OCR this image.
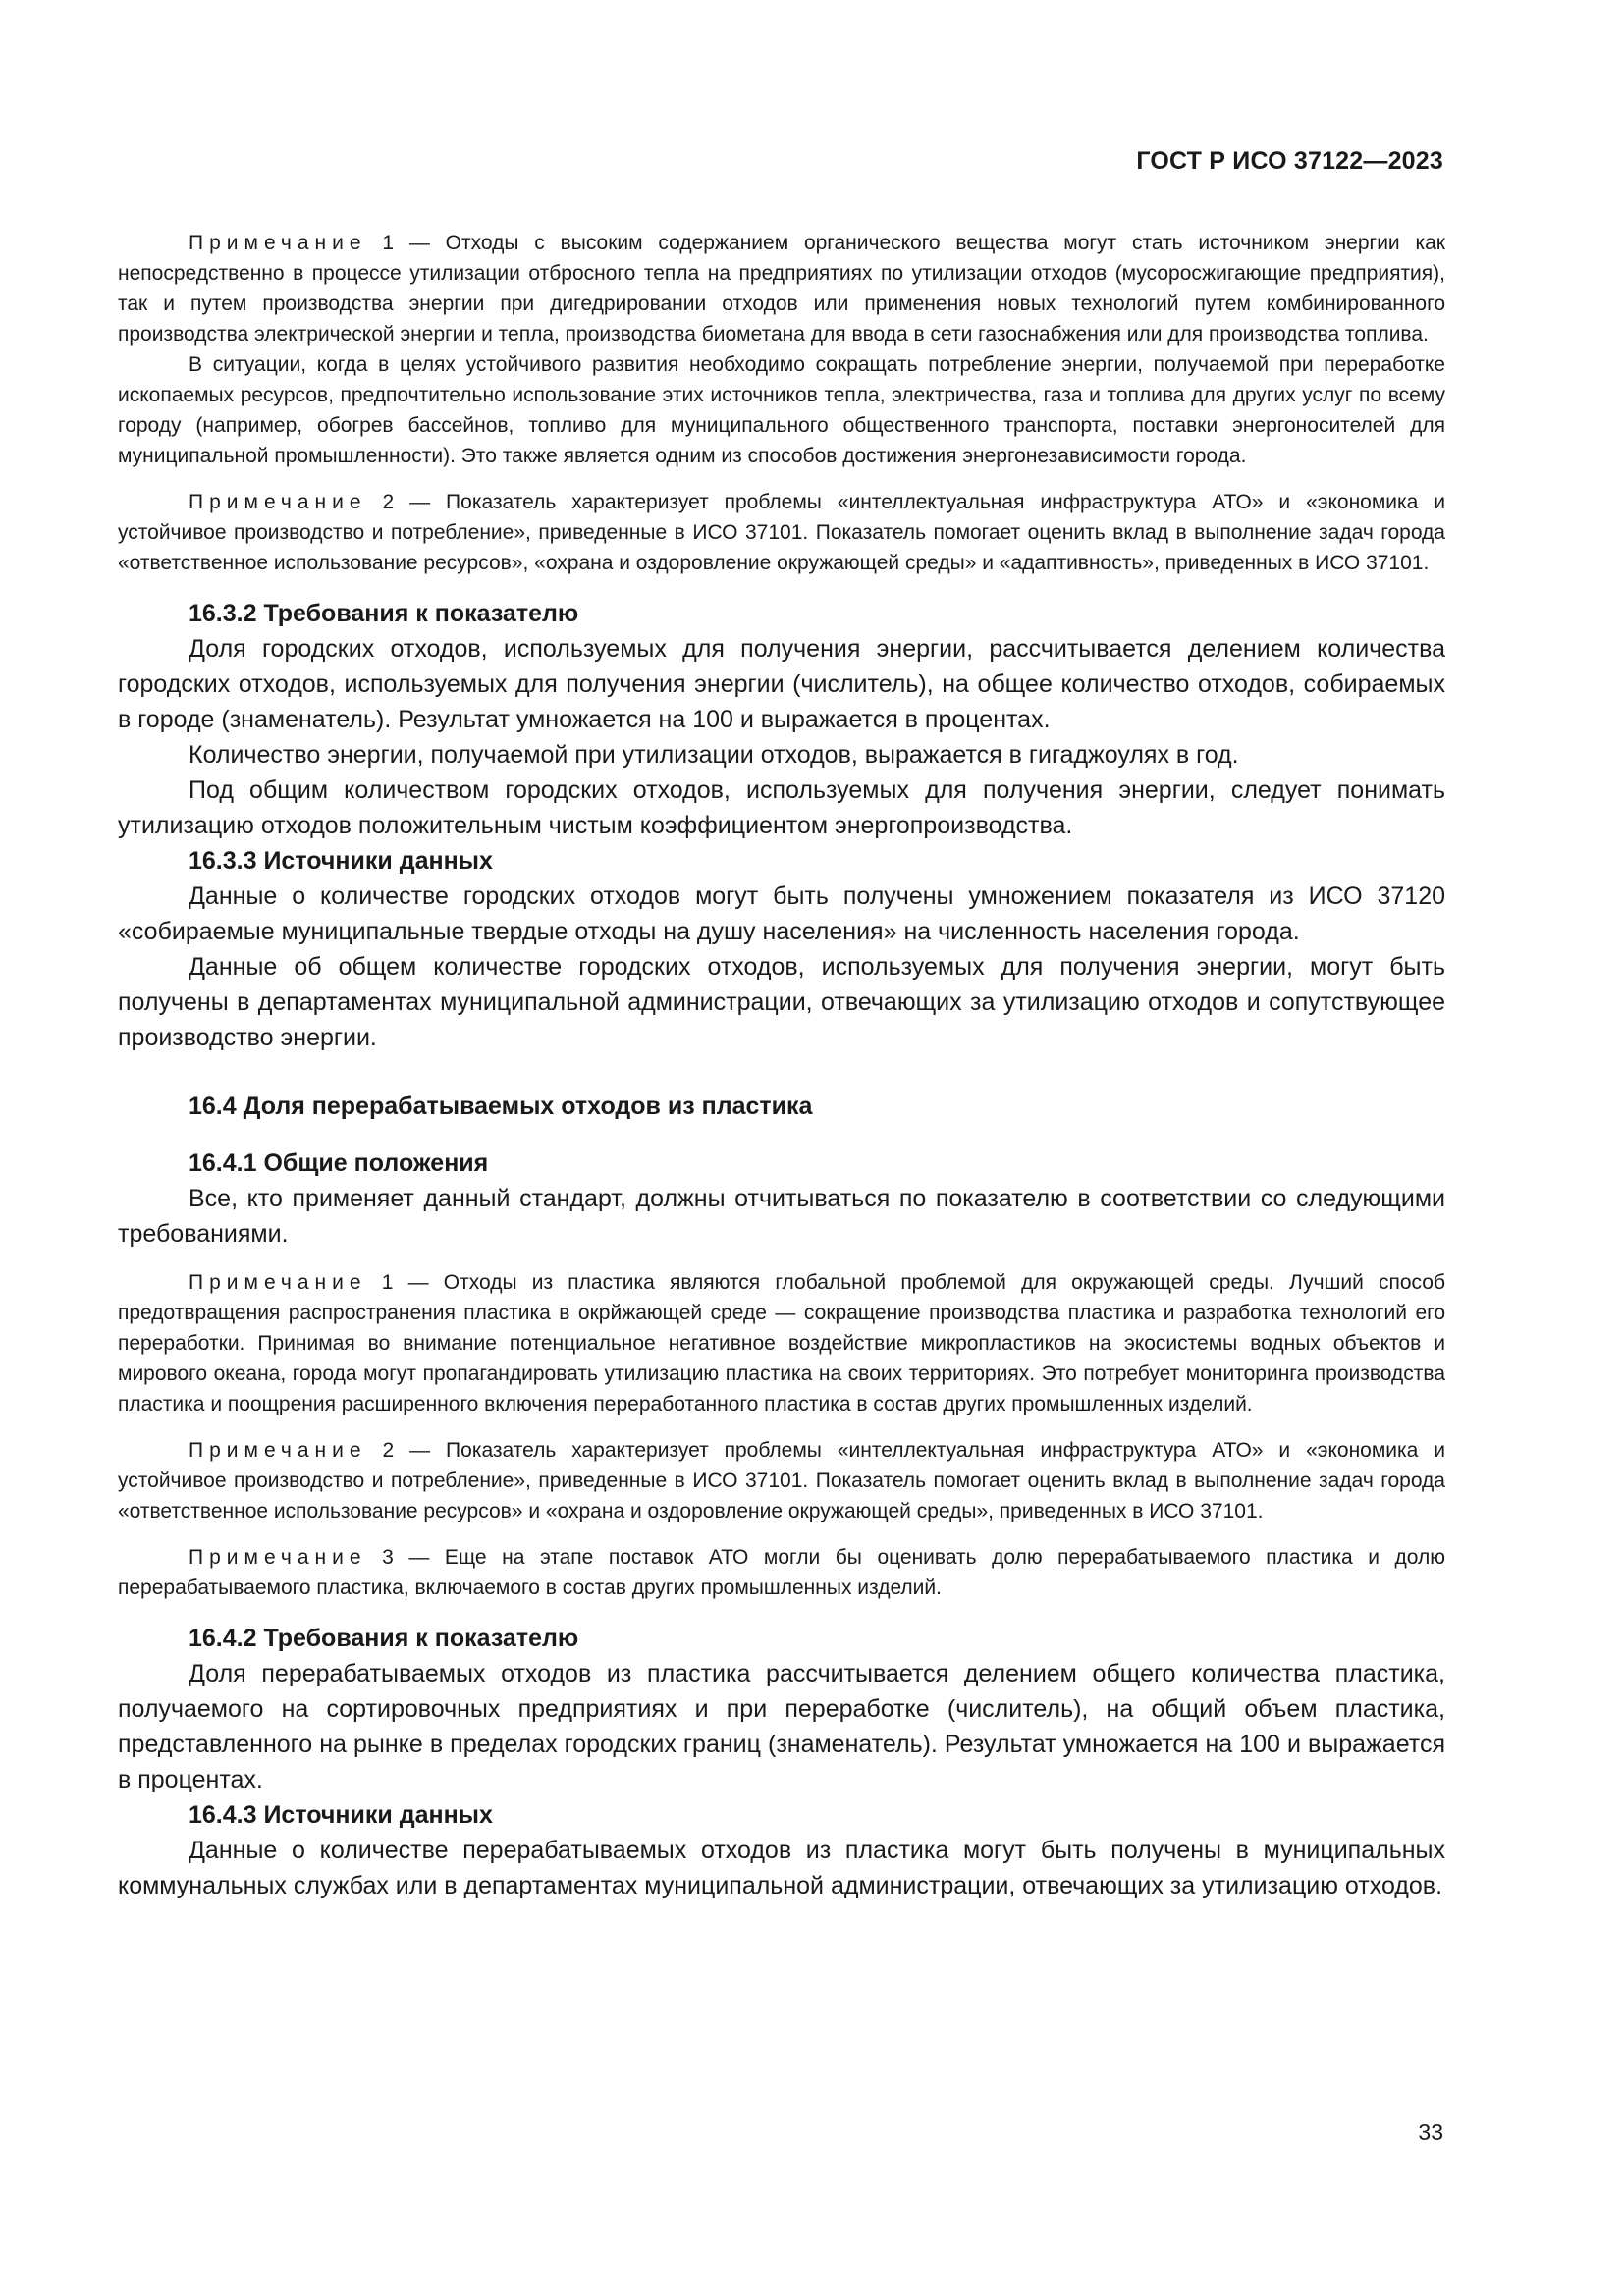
ГОСТ Р ИСО 37122—2023

Примечание 1 — Отходы с высоким содержанием органического вещества могут стать источником энергии как непосредственно в процессе утилизации отбросного тепла на предприятиях по утилизации отходов (мусоросжигающие предприятия), так и путем производства энергии при дигедрировании отходов или применения новых технологий путем комбинированного производства электрической энергии и тепла, производства биометана для ввода в сети газоснабжения или для производства топлива.

В ситуации, когда в целях устойчивого развития необходимо сокращать потребление энергии, получаемой при переработке ископаемых ресурсов, предпочтительно использование этих источников тепла, электричества, газа и топлива для других услуг по всему городу (например, обогрев бассейнов, топливо для муниципального общественного транспорта, поставки энергоносителей для муниципальной промышленности). Это также является одним из способов достижения энергонезависимости города.

Примечание 2 — Показатель характеризует проблемы «интеллектуальная инфраструктура АТО» и «экономика и устойчивое производство и потребление», приведенные в ИСО 37101. Показатель помогает оценить вклад в выполнение задач города «ответственное использование ресурсов», «охрана и оздоровление окружающей среды» и «адаптивность», приведенных в ИСО 37101.

16.3.2 Требования к показателю

Доля городских отходов, используемых для получения энергии, рассчитывается делением количества городских отходов, используемых для получения энергии (числитель), на общее количество отходов, собираемых в городе (знаменатель). Результат умножается на 100 и выражается в процентах.

Количество энергии, получаемой при утилизации отходов, выражается в гигаджоулях в год.

Под общим количеством городских отходов, используемых для получения энергии, следует понимать утилизацию отходов положительным чистым коэффициентом энергопроизводства.

16.3.3 Источники данных

Данные о количестве городских отходов могут быть получены умножением показателя из ИСО 37120 «собираемые муниципальные твердые отходы на душу населения» на численность населения города.

Данные об общем количестве городских отходов, используемых для получения энергии, могут быть получены в департаментах муниципальной администрации, отвечающих за утилизацию отходов и сопутствующее производство энергии.

16.4 Доля перерабатываемых отходов из пластика

16.4.1 Общие положения

Все, кто применяет данный стандарт, должны отчитываться по показателю в соответствии со следующими требованиями.

Примечание 1 — Отходы из пластика являются глобальной проблемой для окружающей среды. Лучший способ предотвращения распространения пластика в окрйжающей среде — сокращение производства пластика и разработка технологий его переработки. Принимая во внимание потенциальное негативное воздействие микропластиков на экосистемы водных объектов и мирового океана, города могут пропагандировать утилизацию пластика на своих территориях. Это потребует мониторинга производства пластика и поощрения расширенного включения переработанного пластика в состав других промышленных изделий.

Примечание 2 — Показатель характеризует проблемы «интеллектуальная инфраструктура АТО» и «экономика и устойчивое производство и потребление», приведенные в ИСО 37101. Показатель помогает оценить вклад в выполнение задач города «ответственное использование ресурсов» и «охрана и оздоровление окружающей среды», приведенных в ИСО 37101.

Примечание 3 — Еще на этапе поставок АТО могли бы оценивать долю перерабатываемого пластика и долю перерабатываемого пластика, включаемого в состав других промышленных изделий.

16.4.2 Требования к показателю

Доля перерабатываемых отходов из пластика рассчитывается делением общего количества пластика, получаемого на сортировочных предприятиях и при переработке (числитель), на общий объем пластика, представленного на рынке в пределах городских границ (знаменатель). Результат умножается на 100 и выражается в процентах.

16.4.3 Источники данных

Данные о количестве перерабатываемых отходов из пластика могут быть получены в муниципальных коммунальных службах или в департаментах муниципальной администрации, отвечающих за утилизацию отходов.

33
